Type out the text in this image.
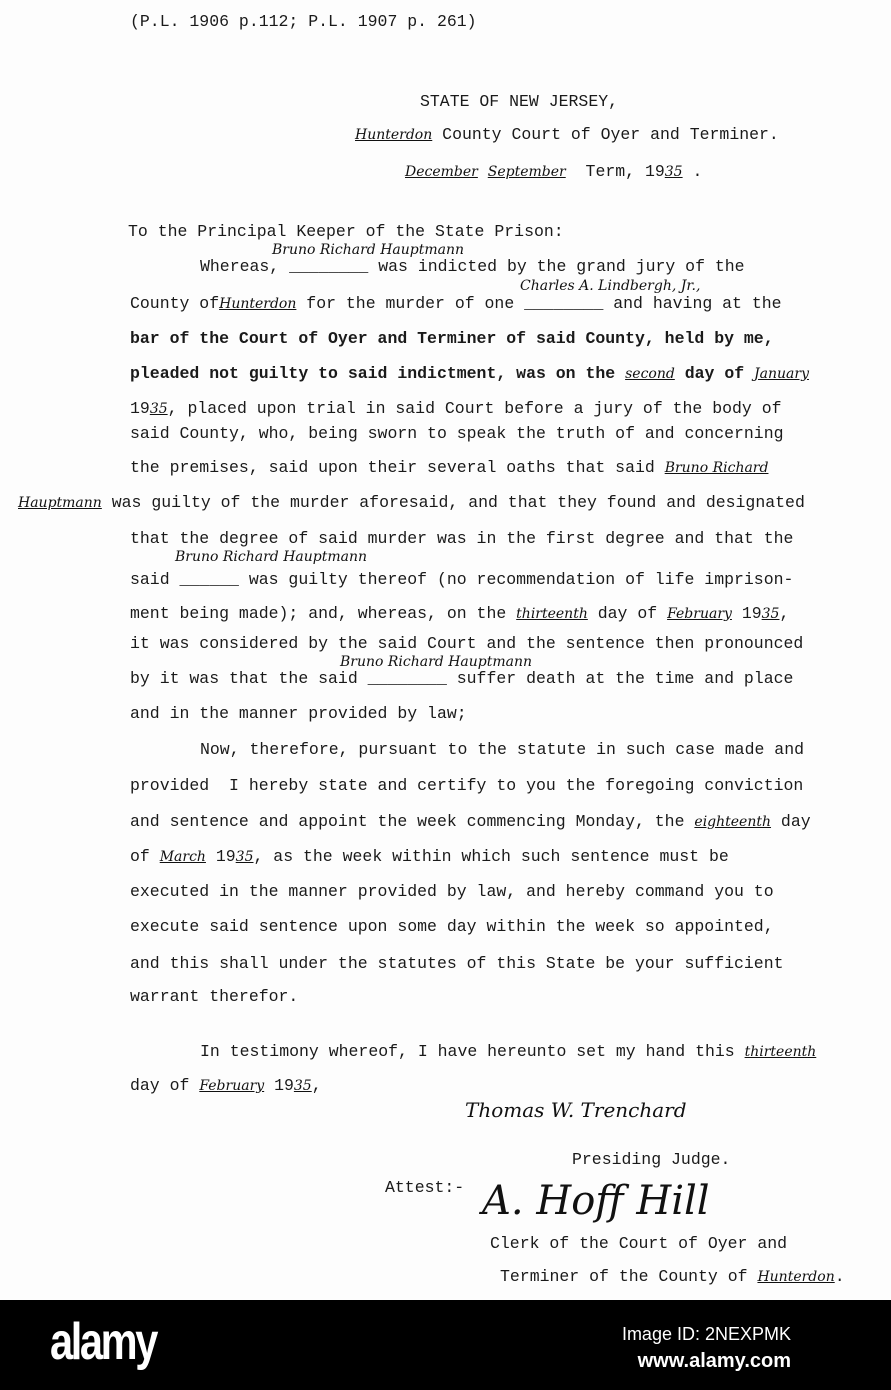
Bruno Richard Hauptmann
Charles A. Lindbergh, Jr.,
Bruno Richard Hauptmann
Bruno Richard Hauptmann
Thomas W. Trenchard
A. Hoff Hill
(P.L. 1906 p.112; P.L. 1907 p. 261)
STATE OF NEW JERSEY,
Hunterdon County Court of Oyer and Terminer.
December September  Term, 1935 .
To the Principal Keeper of the State Prison:
Whereas, ________ was indicted by the grand jury of the
County ofHunterdon for the murder of one ________ and having at the
bar of the Court of Oyer and Terminer of said County, held by me,
pleaded not guilty to said indictment, was on the second day of January
1935, placed upon trial in said Court before a jury of the body of
said County, who, being sworn to speak the truth of and concerning
the premises, said upon their several oaths that said Bruno Richard
Hauptmann was guilty of the murder aforesaid, and that they found and designated
that the degree of said murder was in the first degree and that the
said ______ was guilty thereof (no recommendation of life imprison-
ment being made); and, whereas, on the thirteenth day of February 1935,
it was considered by the said Court and the sentence then pronounced
by it was that the said ________ suffer death at the time and place
and in the manner provided by law;
Now, therefore, pursuant to the statute in such case made and
provided  I hereby state and certify to you the foregoing conviction
and sentence and appoint the week commencing Monday, the eighteenth day
of March 1935, as the week within which such sentence must be
executed in the manner provided by law, and hereby command you to
execute said sentence upon some day within the week so appointed,
and this shall under the statutes of this State be your sufficient
warrant therefor.
In testimony whereof, I have hereunto set my hand this thirteenth
day of February 1935,
Presiding Judge.
Attest:-
Clerk of the Court of Oyer and
Terminer of the County of Hunterdon.
alamy	Image ID: 2NEXPMK
www.alamy.com
